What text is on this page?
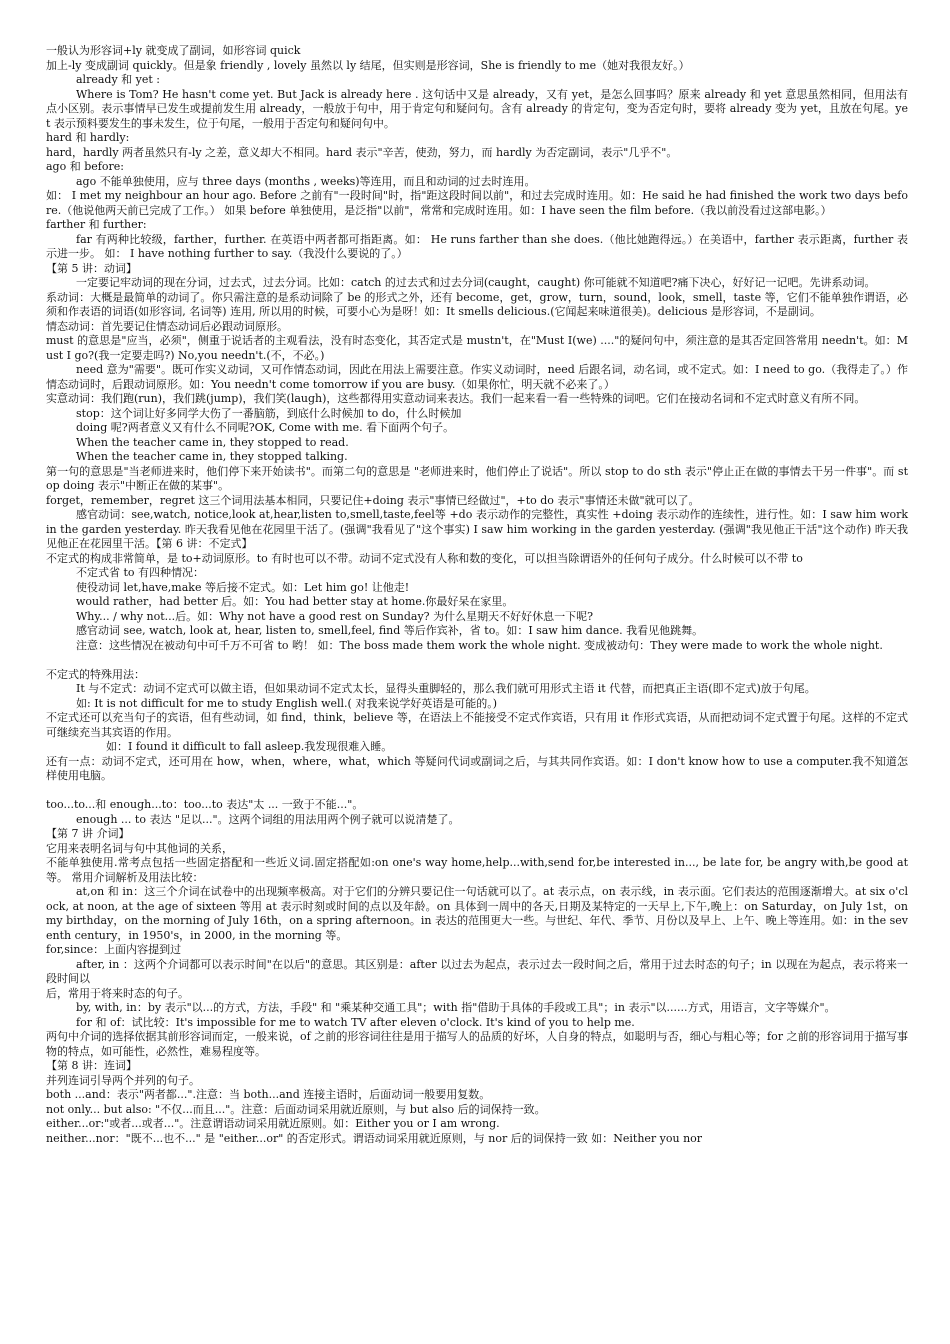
一般认为形容词+ly 就变成了副词，如形容词 quick

加上-ly 变成副词 quickly。但是象 friendly , lovely 虽然以 ly 结尾，但实则是形容词，She is friendly to me（她对我很友好。）

already 和 yet :

Where is Tom? He hasn't come yet. But Jack is already here . 这句话中又是 already，又有 yet，是怎么回事吗？原来 already 和 yet 意思虽然相同，但用法有点小区别。表示事情早已发生或提前发生用 already，一般放于句中，用于肯定句和疑问句。含有 already 的肯定句，变为否定句时，要将 already 变为 yet，且放在句尾。yet 表示预料要发生的事未发生，位于句尾，一般用于否定句和疑问句中。

hard 和 hardly:

hard，hardly 两者虽然只有-ly 之差，意义却大不相同。hard 表示"辛苦，使劲，努力，而 hardly 为否定副词，表示"几乎不"。

ago 和 before:

ago 不能单独使用，应与 three days (months , weeks)等连用，而且和动词的过去时连用。

如： I met my neighbour an hour ago. Before 之前有"一段时间"时，指"距这段时间以前"，和过去完成时连用。如：He said he had finished the work two days before.（他说他两天前已完成了工作。） 如果 before 单独使用，是泛指"以前"，常常和完成时连用。如：I have seen the film before.（我以前没看过这部电影。）

farther 和 further:

far 有两种比较级，farther，further. 在英语中两者都可指距离。如： He runs farther than she does.（他比她跑得远。）在美语中，farther 表示距离，further 表示进一步。 如： I have nothing further to say.（我没什么要说的了。）

【第 5 讲：动词】

一定要记牢动词的现在分词，过去式，过去分词。比如：catch 的过去式和过去分词(caught，caught) 你可能就不知道吧?痛下决心，好好记一记吧。先讲系动词。

系动词：大概是最简单的动词了。你只需注意的是系动词除了 be 的形式之外，还有 become，get，grow，turn，sound，look，smell，taste 等，它们不能单独作谓语，必须和作表语的词语(如形容词, 名词等) 连用, 所以用的时候，可要小心为是呀！如：It smells delicious.(它闻起来味道很美)。delicious 是形容词，不是副词。

情态动词：首先要记住情态动词后必跟动词原形。

must 的意思是"应当，必须"，侧重于说话者的主观看法，没有时态变化，其否定式是 mustn't，在"Must I(we) ...."的疑问句中，须注意的是其否定回答常用 needn't。如：Must I go?(我一定要走吗?) No,you needn't.(不，不必。)

need 意为"需要"。既可作实义动词，又可作情态动词，因此在用法上需要注意。作实义动词时，need 后跟名词，动名词，或不定式。如：I need to go.（我得走了。）作情态动词时，后跟动词原形。如：You needn't come tomorrow if you are busy.（如果你忙，明天就不必来了。）

实意动词：我们跑(run)，我们跳(jump)，我们笑(laugh)，这些都得用实意动词来表达。我们一起来看一看一些特殊的词吧。它们在接动名词和不定式时意义有所不同。

stop：这个词让好多同学大伤了一番脑筋，到底什么时候加 to do，什么时候加

doing 呢?两者意义又有什么不同呢?OK, Come with me. 看下面两个句子。

When the teacher came in, they stopped to read.

When the teacher came in, they stopped talking.

第一句的意思是"当老师进来时，他们停下来开始读书"。而第二句的意思是 "老师进来时，他们停止了说话"。所以 stop to do sth 表示"停止正在做的事情去干另一件事"。而 stop doing 表示"中断正在做的某事"。

forget，remember，regret 这三个词用法基本相同，只要记住+doing 表示"事情已经做过"，+to do 表示"事情还未做"就可以了。

感官动词：see,watch, notice,look at,hear,listen to,smell,taste,feel等 +do 表示动作的完整性，真实性 +doing 表示动作的连续性，进行性。如：I saw him work in the garden yesterday. 昨天我看见他在花园里干活了。(强调"我看见了"这个事实) I saw him working in the garden yesterday. (强调"我见他正干活"这个动作) 昨天我见他正在花园里干活。【第 6 讲：不定式】

不定式的构成非常简单，是 to+动词原形。to 有时也可以不带。动词不定式没有人称和数的变化，可以担当除谓语外的任何句子成分。什么时候可以不带 to

不定式省 to 有四种情况：

使役动词 let,have,make 等后接不定式。如：Let him go! 让他走!

would rather，had better 后。如：You had better stay at home.你最好呆在家里。

Why... / why not...后。如：Why not have a good rest on Sunday? 为什么星期天不好好休息一下呢?

感官动词 see, watch, look at, hear, listen to, smell,feel, find 等后作宾补，省 to。如：I saw him dance. 我看见他跳舞。

注意：这些情况在被动句中可千万不可省 to 哟！ 如：The boss made them work the whole night. 变成被动句：They were made to work the whole night.

不定式的特殊用法：

It 与不定式：动词不定式可以做主语，但如果动词不定式太长，显得头重脚轻的，那么我们就可用形式主语 it 代替，而把真正主语(即不定式)放于句尾。

如: It is not difficult for me to study English well.( 对我来说学好英语是可能的。)

不定式还可以充当句子的宾语，但有些动词，如 find，think，believe 等，在语法上不能接受不定式作宾语，只有用 it 作形式宾语，从而把动词不定式置于句尾。这样的不定式可继续充当其宾语的作用。

如：I found it difficult to fall asleep.我发现很难入睡。

还有一点：动词不定式，还可用在 how，when，where，what，which 等疑问代词或副词之后，与其共同作宾语。如：I don't know how to use a computer.我不知道怎样使用电脑。

too...to...和 enough...to：too...to 表达"太 ... 一致于不能..."。

enough ... to 表达 "足以..."。这两个词组的用法用两个例子就可以说清楚了。

【第 7 讲 介词】

它用来表明名词与句中其他词的关系，

不能单独使用.常考点包括一些固定搭配和一些近义词.固定搭配如:on one's way home,help...with,send for,be interested in..., be late for, be angry with,be good at 等。 常用介词解析及用法比较：

at,on 和 in：这三个介词在试卷中的出现频率极高。对于它们的分辨只要记住一句话就可以了。at 表示点，on 表示线，in 表示面。它们表达的范围逐渐增大。at six o'clock, at noon, at the age of sixteen 等用 at 表示时刻或时间的点以及年龄。on 具体到一周中的各天,日期及某特定的一天早上,下午,晚上：on Saturday，on July 1st，on my birthday，on the morning of July 16th，on a spring afternoon。in 表达的范围更大一些。与世纪、年代、季节、月份以及早上、上午、晚上等连用。如：in the seventh century，in 1950's，in 2000, in the morning 等。

for,since：上面内容提到过

after, in ：这两个介词都可以表示时间"在以后"的意思。其区别是：after 以过去为起点，表示过去一段时间之后，常用于过去时态的句子；in 以现在为起点，表示将来一段时间以

后，常用于将来时态的句子。

by, with, in：by 表示"以...的方式，方法，手段" 和 "乘某种交通工具"；with 指"借助于具体的手段或工具"；in 表示"以......方式，用语言，文字等媒介"。

for 和 of：试比较：It's impossible for me to watch TV after eleven o'clock. It's kind of you to help me.

两句中介词的选择依据其前形容词而定，一般来说，of 之前的形容词往往是用于描写人的品质的好坏，人自身的特点，如聪明与否，细心与粗心等；for 之前的形容词用于描写事物的特点，如可能性，必然性，难易程度等。

【第 8 讲：连词】

并列连词引导两个并列的句子。

both ...and：表示"两者都...".注意：当 both...and 连接主语时，后面动词一般要用复数。

not only... but also: "不仅...而且..."。注意：后面动词采用就近原则，与 but also 后的词保持一致。

either...or:"或者...或者..."。注意谓语动词采用就近原则。如：Either you or I am wrong.

neither...nor："既不...也不..." 是 "either...or" 的否定形式。谓语动词采用就近原则，与 nor 后的词保持一致 如：Neither you nor
